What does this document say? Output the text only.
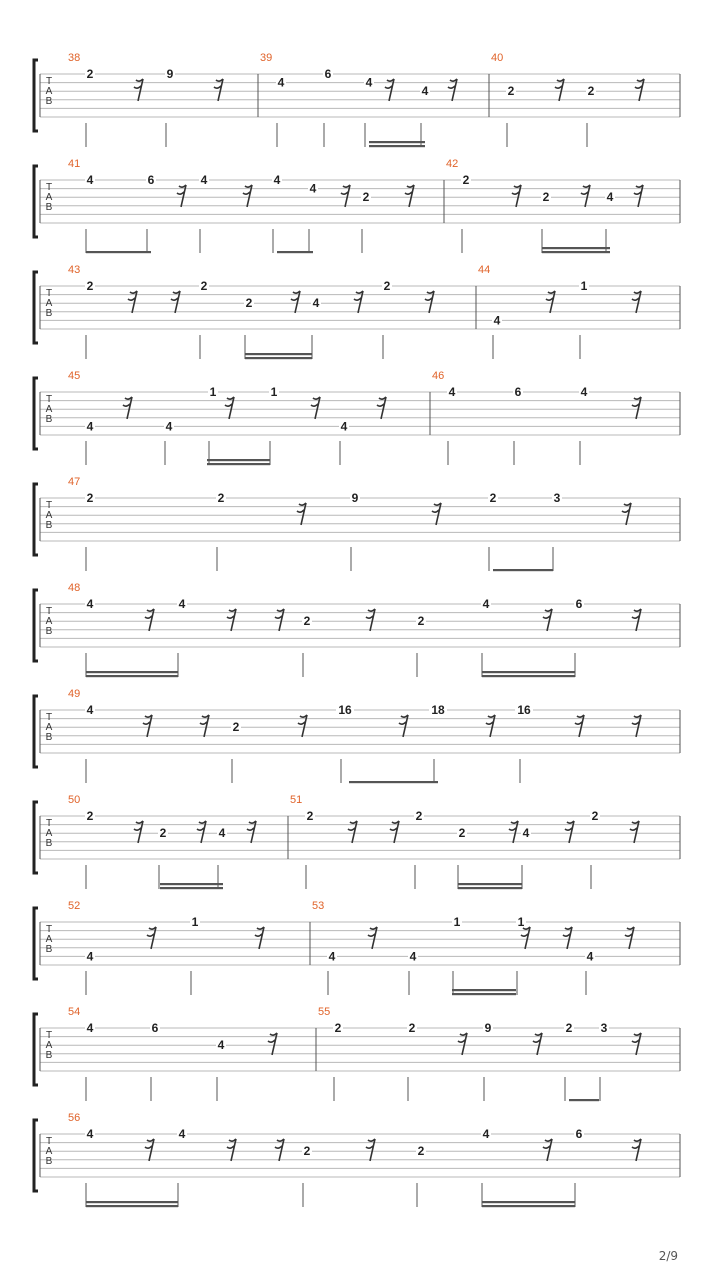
T
A
B
38
2	9
39
4
6
4
4
40
2	2
T
A
B
41
4	6	4	4
4
2
42
2
2	4
T
A
B
43
2	2
2	4
2
44
4
1
T
A
B
45
4	4
1	1
4
46
4	6	4
T
A
B
47
2	2	9	2	3
T
A
B
48
4	4
2	2
4	6
T
A
B
49
4
2
16	18	16
T
A
B
50
2
2	4
51
2	2
2	4
2
T
A
B
52
4
1
53
4	4
1	1
4
T
A
B
54
4	6
4
55
2	2	9	2 3
T
A
B
56
4	4
2	2
4	6
2/9
